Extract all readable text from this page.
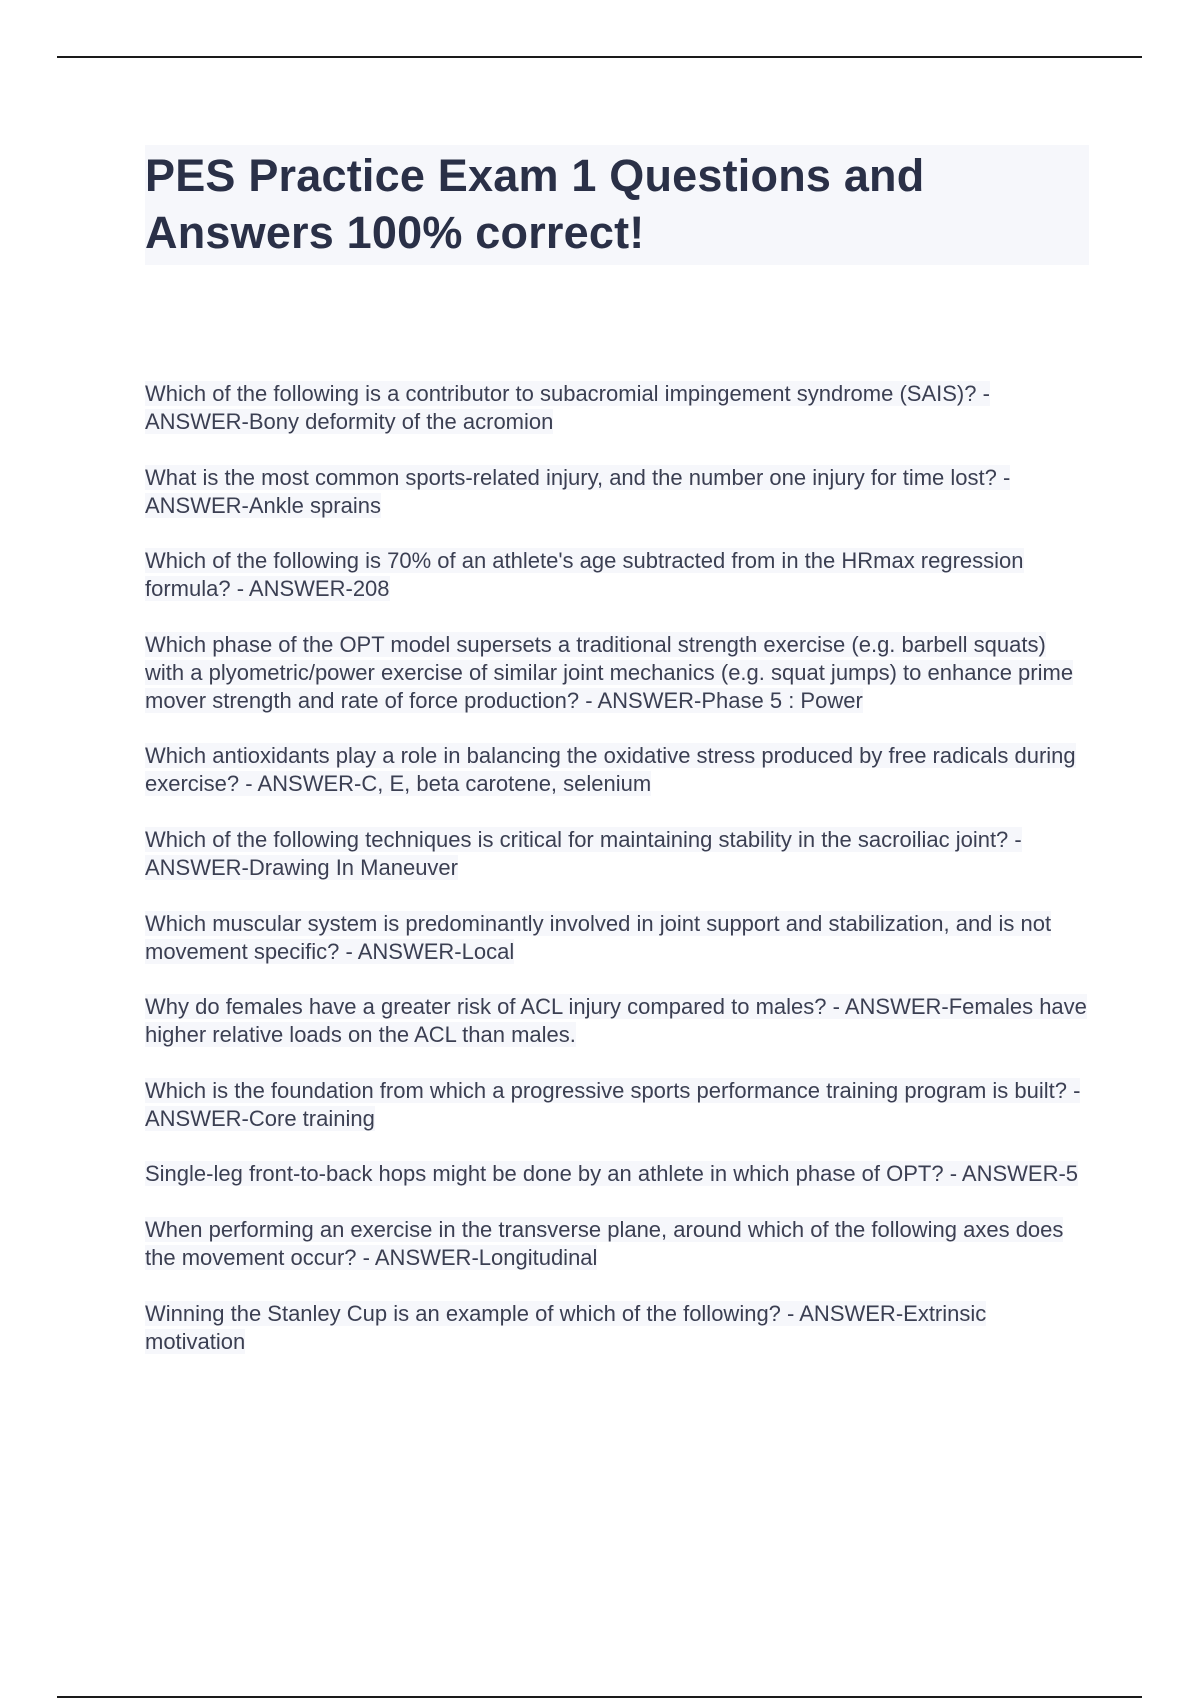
PES Practice Exam 1 Questions and
Answers 100% correct!
Which of the following is a contributor to subacromial impingement syndrome (SAIS)? - ANSWER-Bony deformity of the acromion
What is the most common sports-related injury, and the number one injury for time lost? - ANSWER-Ankle sprains
Which of the following is 70% of an athlete's age subtracted from in the HRmax regression formula? - ANSWER-208
Which phase of the OPT model supersets a traditional strength exercise (e.g. barbell squats) with a plyometric/power exercise of similar joint mechanics (e.g. squat jumps) to enhance prime mover strength and rate of force production? - ANSWER-Phase 5 : Power
Which antioxidants play a role in balancing the oxidative stress produced by free radicals during exercise? - ANSWER-C, E, beta carotene, selenium
Which of the following techniques is critical for maintaining stability in the sacroiliac joint? - ANSWER-Drawing In Maneuver
Which muscular system is predominantly involved in joint support and stabilization, and is not movement specific? - ANSWER-Local
Why do females have a greater risk of ACL injury compared to males? - ANSWER-Females have higher relative loads on the ACL than males.
Which is the foundation from which a progressive sports performance training program is built? - ANSWER-Core training
Single-leg front-to-back hops might be done by an athlete in which phase of OPT? - ANSWER-5
When performing an exercise in the transverse plane, around which of the following axes does the movement occur? - ANSWER-Longitudinal
Winning the Stanley Cup is an example of which of the following? - ANSWER-Extrinsic motivation
